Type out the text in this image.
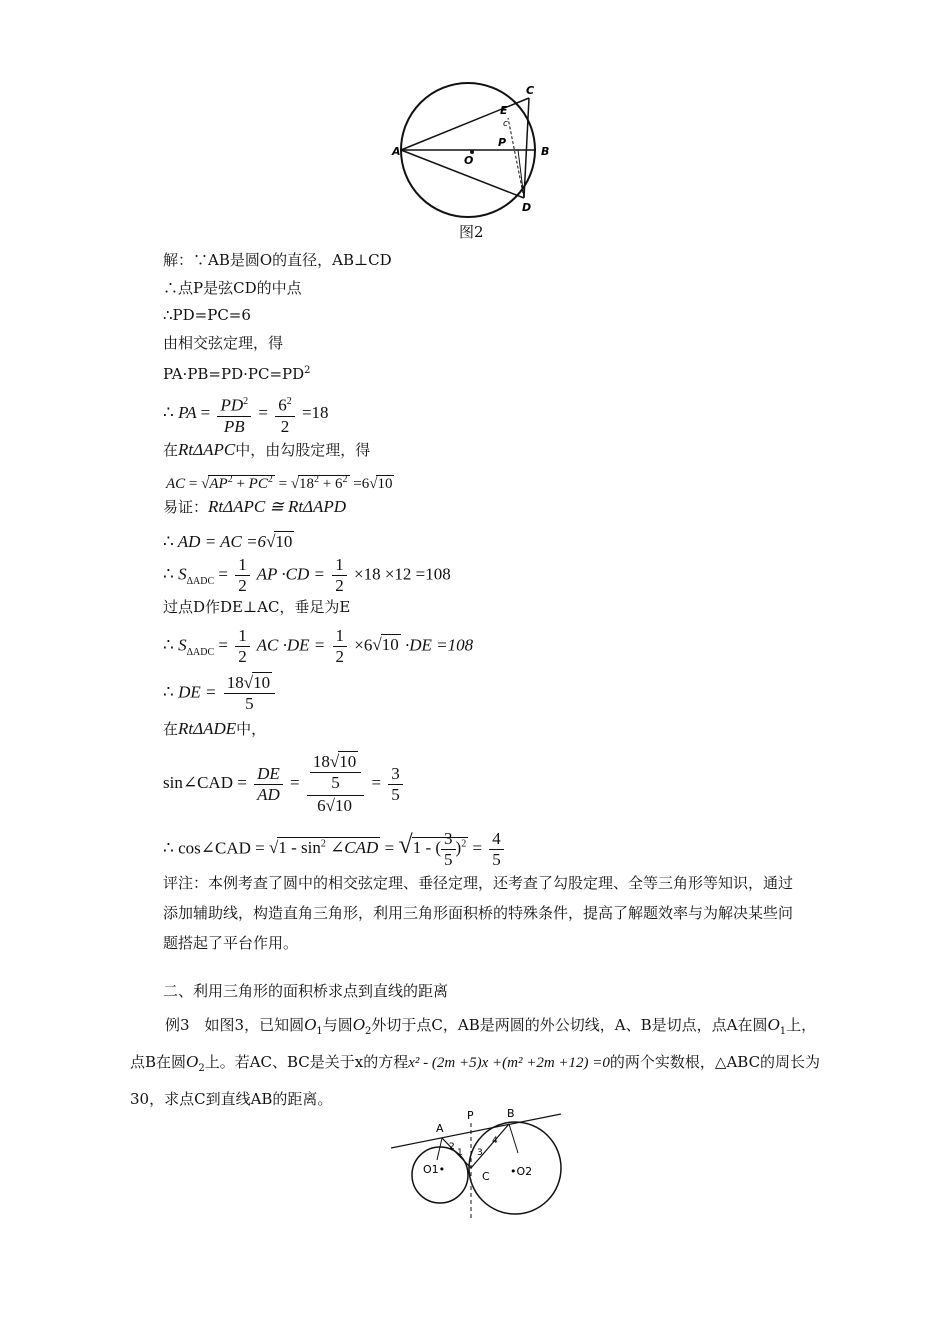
A	B
C
E
c
P
O
D
图2
解：∵AB是圆O的直径，AB⊥CD
∴点P是弦CD的中点
∴PD=PC=6
由相交弦定理，得
$PA\cdot PB=PD\cdot PC=PD^2$
∴ PA = $\frac{PD^2}{PB} = \frac{6^2}{2} =18$
在RtΔAPC中，由勾股定理，得
AC = $√AP^2 + PC^2 = √18^2 + 6^2 =6√10$
易证：RtΔAPC ≅ RtΔAPD
∴ AD = AC =6√10
∴ $S_{\Delta ADC} = \frac{1}{2}$ AP $\cdot CD = \frac{1}{2} \times 18 \times 12 =108$
过点D作DE⊥AC，垂足为E
∴ $S_{\Delta ADC} = \frac{1}{2}$ AC $\cdot DE = \frac{1}{2} \times 6√10 \cdot DE =108$
∴ DE = $\frac{18√10}{5}$
在RtΔADE中，
sin∠CAD = $\frac{DE}{AD} = \frac{\frac{18√10}{5}}{6√10} = \frac{3}{5}$
∴ cos∠CAD = $√1 - \sin^2$ ∠CAD = √1 - ( $\frac{3}{5} )^2 = \frac{4}{5}$
评注：本例考查了圆中的相交弦定理、垂径定理，还考查了勾股定理、全等三角形等知识，通过添加辅助线，构造直角三角形，利用三角形面积桥的特殊条件，提高了解题效率与为解决某些问题搭起了平台作用。
二、利用三角形的面积桥求点到直线的距离
例3　如图3，已知圆$O_1$与圆$O_2$外切于点C，AB是两圆的外公切线，A、B是切点，点A在圆$O_1$上，点B在圆$O_2$上。若AC、BC是关于x的方程x² - (2m +5)x +(m² +2m +12) =0的两个实数根，△ABC的周长为30，求点C到直线AB的距离。
A
P	B
C
O1•	•O2
1
2
3
4
